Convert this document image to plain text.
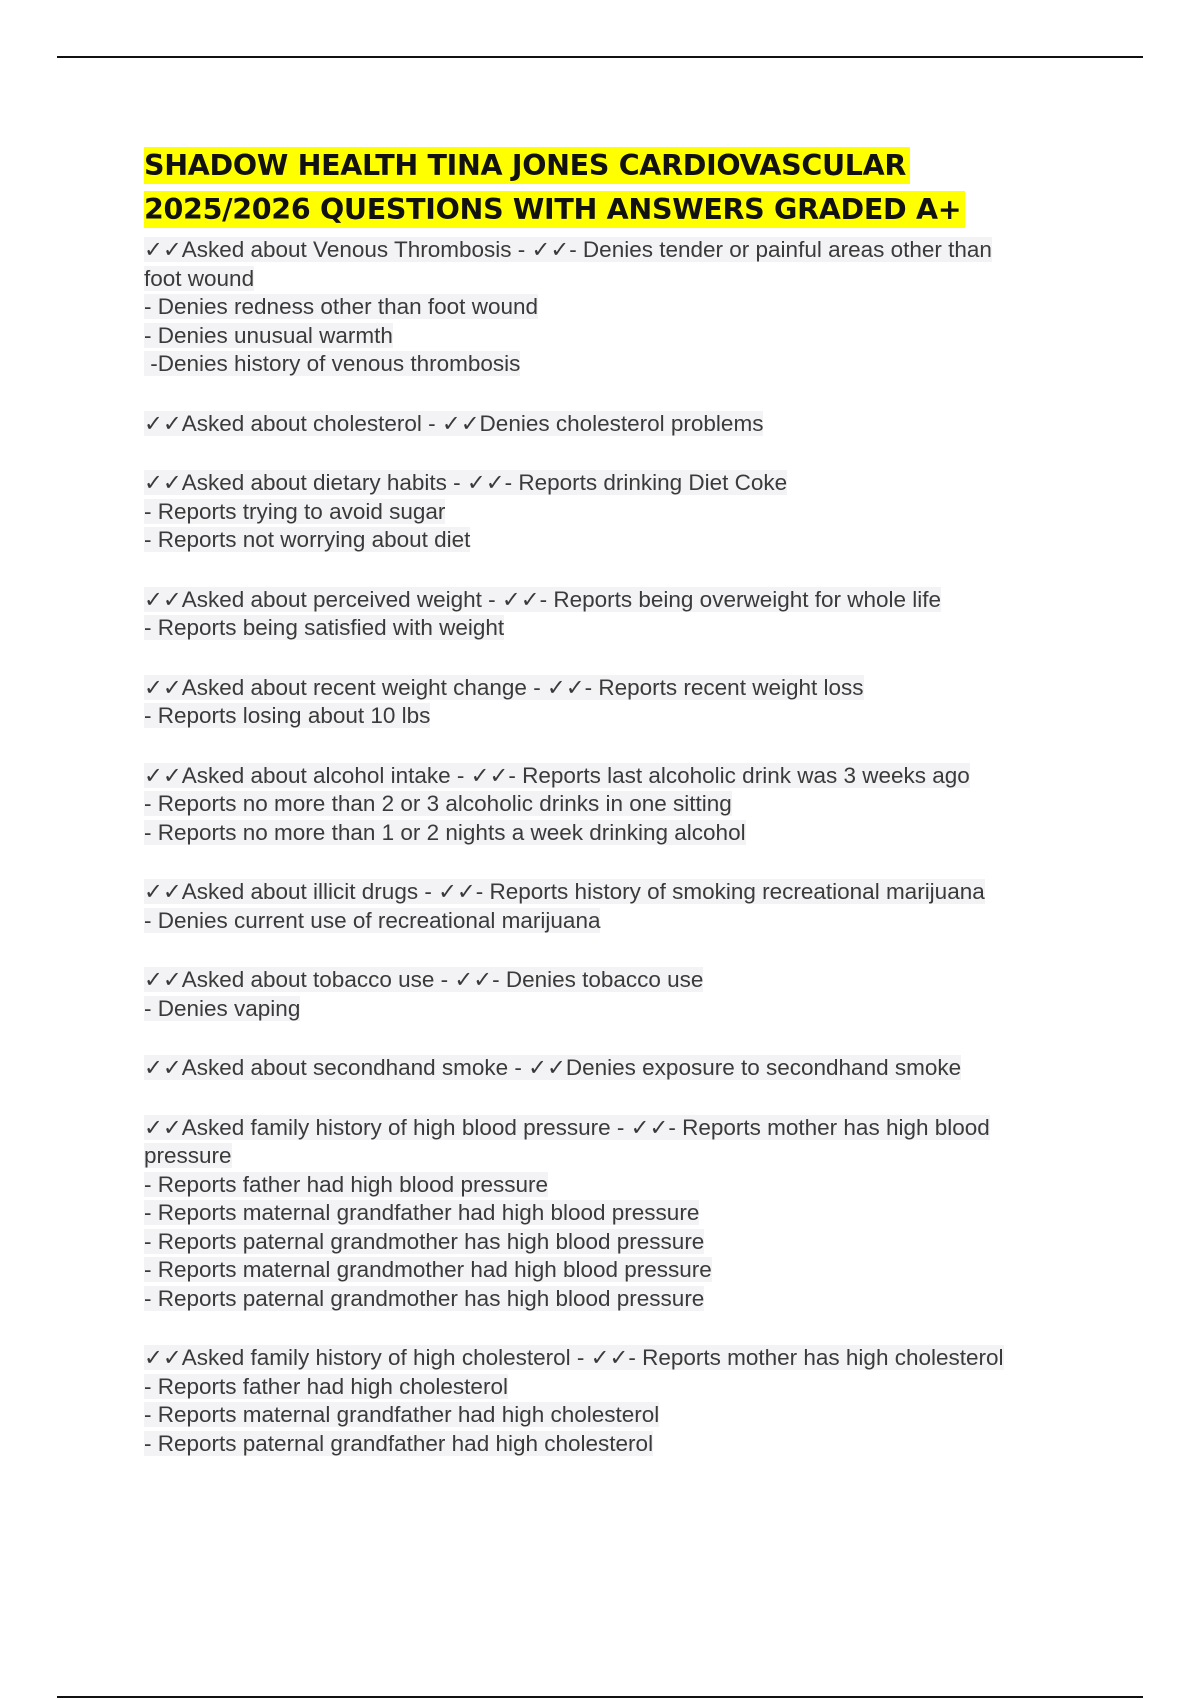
SHADOW HEALTH TINA JONES CARDIOVASCULAR
2025/2026 QUESTIONS WITH ANSWERS GRADED A+
✓✓Asked about Venous Thrombosis - ✓✓- Denies tender or painful areas other than
foot wound
- Denies redness other than foot wound
- Denies unusual warmth
-Denies history of venous thrombosis
✓✓Asked about cholesterol - ✓✓Denies cholesterol problems
✓✓Asked about dietary habits - ✓✓- Reports drinking Diet Coke
- Reports trying to avoid sugar
- Reports not worrying about diet
✓✓Asked about perceived weight - ✓✓- Reports being overweight for whole life
- Reports being satisfied with weight
✓✓Asked about recent weight change - ✓✓- Reports recent weight loss
- Reports losing about 10 lbs
✓✓Asked about alcohol intake - ✓✓- Reports last alcoholic drink was 3 weeks ago
- Reports no more than 2 or 3 alcoholic drinks in one sitting
- Reports no more than 1 or 2 nights a week drinking alcohol
✓✓Asked about illicit drugs - ✓✓- Reports history of smoking recreational marijuana
- Denies current use of recreational marijuana
✓✓Asked about tobacco use - ✓✓- Denies tobacco use
- Denies vaping
✓✓Asked about secondhand smoke - ✓✓Denies exposure to secondhand smoke
✓✓Asked family history of high blood pressure - ✓✓- Reports mother has high blood
pressure
- Reports father had high blood pressure
- Reports maternal grandfather had high blood pressure
- Reports paternal grandmother has high blood pressure
- Reports maternal grandmother had high blood pressure
- Reports paternal grandmother has high blood pressure
✓✓Asked family history of high cholesterol - ✓✓- Reports mother has high cholesterol
- Reports father had high cholesterol
- Reports maternal grandfather had high cholesterol
- Reports paternal grandfather had high cholesterol
